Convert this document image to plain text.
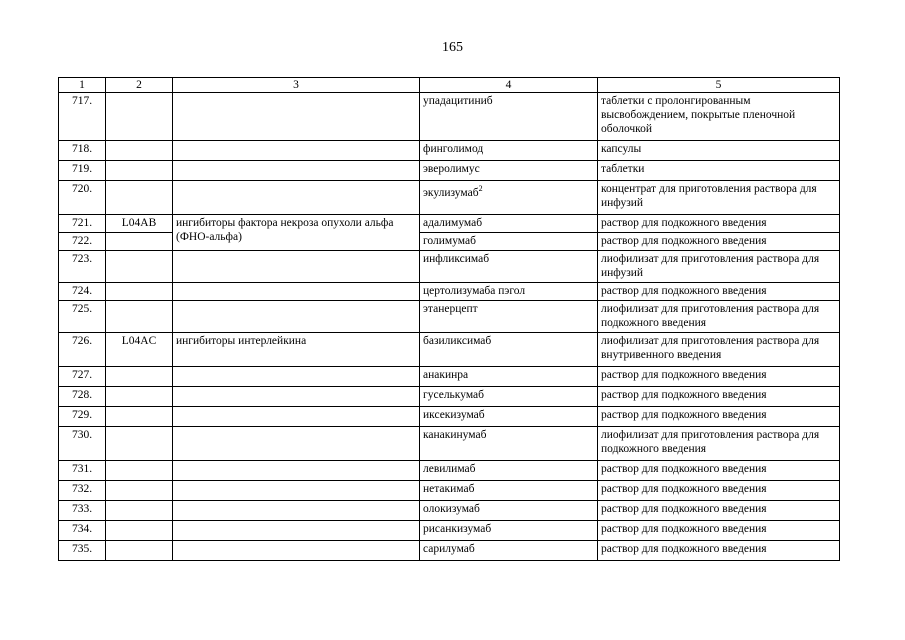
165
1	2	3	4	5
717.			упадацитиниб	таблетки с пролонгированным высвобождением, покрытые пленочной оболочкой
718.			финголимод	капсулы
719.			эверолимус	таблетки
720.			экулизумаб$^2$	концентрат для приготовления раствора для инфузий
721.	L04AB	ингибиторы фактора некроза опухоли альфа (ФНО-альфа)	адалимумаб	раствор для подкожного введения
722.			голимумаб	раствор для подкожного введения
723.			инфликсимаб	лиофилизат для приготовления раствора для инфузий
724.			цертолизумаба пэгол	раствор для подкожного введения
725.			этанерцепт	лиофилизат для приготовления раствора для подкожного введения
726.	L04AC	ингибиторы интерлейкина	базиликсимаб	лиофилизат для приготовления раствора для внутривенного введения
727.			анакинра	раствор для подкожного введения
728.			гуселькумаб	раствор для подкожного введения
729.			иксекизумаб	раствор для подкожного введения
730.			канакинумаб	лиофилизат для приготовления раствора для подкожного введения
731.			левилимаб	раствор для подкожного введения
732.			нетакимаб	раствор для подкожного введения
733.			олокизумаб	раствор для подкожного введения
734.			рисанкизумаб	раствор для подкожного введения
735.			сарилумаб	раствор для подкожного введения
